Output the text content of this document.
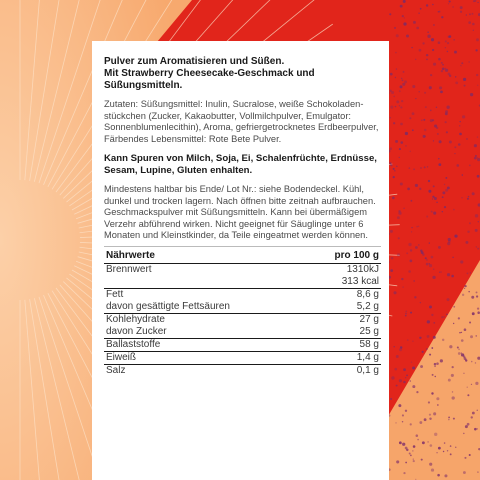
Pulver zum Aromatisieren und Süßen.
Mit Strawberry Cheesecake-Geschmack und
Süßungsmitteln.

Zutaten: Süßungsmittel: Inulin, Sucralose, weiße Schokoladen-stückchen (Zucker, Kakaobutter, Vollmilchpulver, Emulgator: Sonnenblumenlecithin), Aroma, gefriergetrocknetes Erdbeerpulver, Färbendes Lebensmittel: Rote Bete Pulver.

Kann Spuren von Milch, Soja, Ei, Schalenfrüchte, Erdnüsse, Sesam, Lupine, Gluten enhalten.

Mindestens haltbar bis Ende/ Lot Nr.: siehe Bodendeckel. Kühl, dunkel und trocken lagern. Nach öffnen bitte zeitnah aufbrauchen. Geschmackspulver mit Süßungsmitteln. Kann bei übermäßigem Verzehr abführend wirken. Nicht geeignet für Säuglinge unter 6 Monaten und Kleinstkinder, da Teile eingeatmet werden können.

Nährwerte	pro 100 g
Brennwert	1310kJ
313 kcal
Fett	8,6 g
davon gesättigte Fettsäuren	5,2 g
Kohlehydrate	27 g
davon Zucker	25 g
Ballaststoffe	58 g
Eiweiß	1,4 g
Salz	0,1 g
